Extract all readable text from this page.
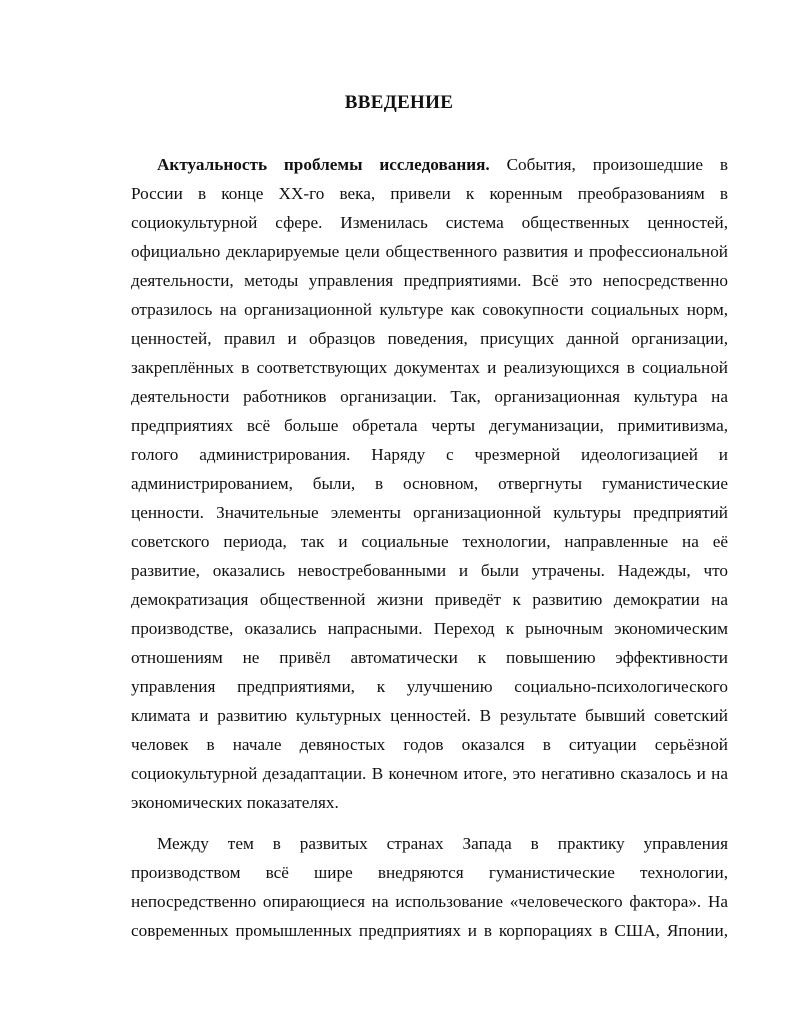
ВВЕДЕНИЕ
Актуальность проблемы исследования. События, произошедшие в
России в конце XX-го века, привели к коренным преобразованиям в
социокультурной сфере. Изменилась система общественных ценностей,
официально декларируемые цели общественного развития и профессиональной
деятельности, методы управления предприятиями. Всё это непосредственно
отразилось на организационной культуре как совокупности социальных норм,
ценностей, правил и образцов поведения, присущих данной организации,
закреплённых в соответствующих документах и реализующихся в социальной
деятельности работников организации. Так, организационная культура на
предприятиях всё больше обретала черты дегуманизации, примитивизма,
голого администрирования. Наряду с чрезмерной идеологизацией и
администрированием, были, в основном, отвергнуты гуманистические
ценности. Значительные элементы организационной культуры предприятий
советского периода, так и социальные технологии, направленные на её
развитие, оказались невостребованными и были утрачены. Надежды, что
демократизация общественной жизни приведёт к развитию демократии на
производстве, оказались напрасными. Переход к рыночным экономическим
отношениям не привёл автоматически к повышению эффективности
управления предприятиями, к улучшению социально-психологического
климата и развитию культурных ценностей. В результате бывший советский
человек в начале девяностых годов оказался в ситуации серьёзной
социокультурной дезадаптации. В конечном итоге, это негативно сказалось и на
экономических показателях.
Между тем в развитых странах Запада в практику управления
производством всё шире внедряются гуманистические технологии,
непосредственно опирающиеся на использование «человеческого фактора». На
современных промышленных предприятиях и в корпорациях в США, Японии,
